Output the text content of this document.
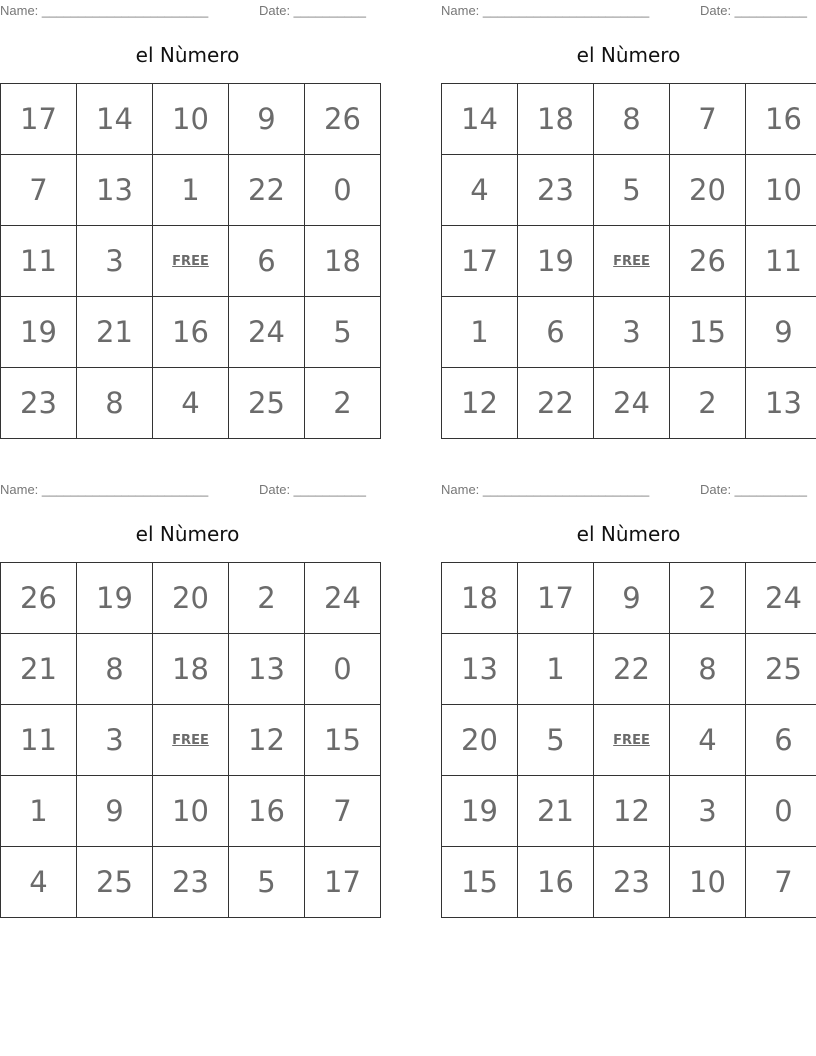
Name: _______________________	Date: __________
el Nùmero
17	14	10	9	26
7	13	1	22	0
11	3	FREE	6	18
19	21	16	24	5
23	8	4	25	2
Name: _______________________	Date: __________
el Nùmero
14	18	8	7	16
4	23	5	20	10
17	19	FREE	26	11
1	6	3	15	9
12	22	24	2	13
Name: _______________________	Date: __________
el Nùmero
26	19	20	2	24
21	8	18	13	0
11	3	FREE	12	15
1	9	10	16	7
4	25	23	5	17
Name: _______________________	Date: __________
el Nùmero
18	17	9	2	24
13	1	22	8	25
20	5	FREE	4	6
19	21	12	3	0
15	16	23	10	7
